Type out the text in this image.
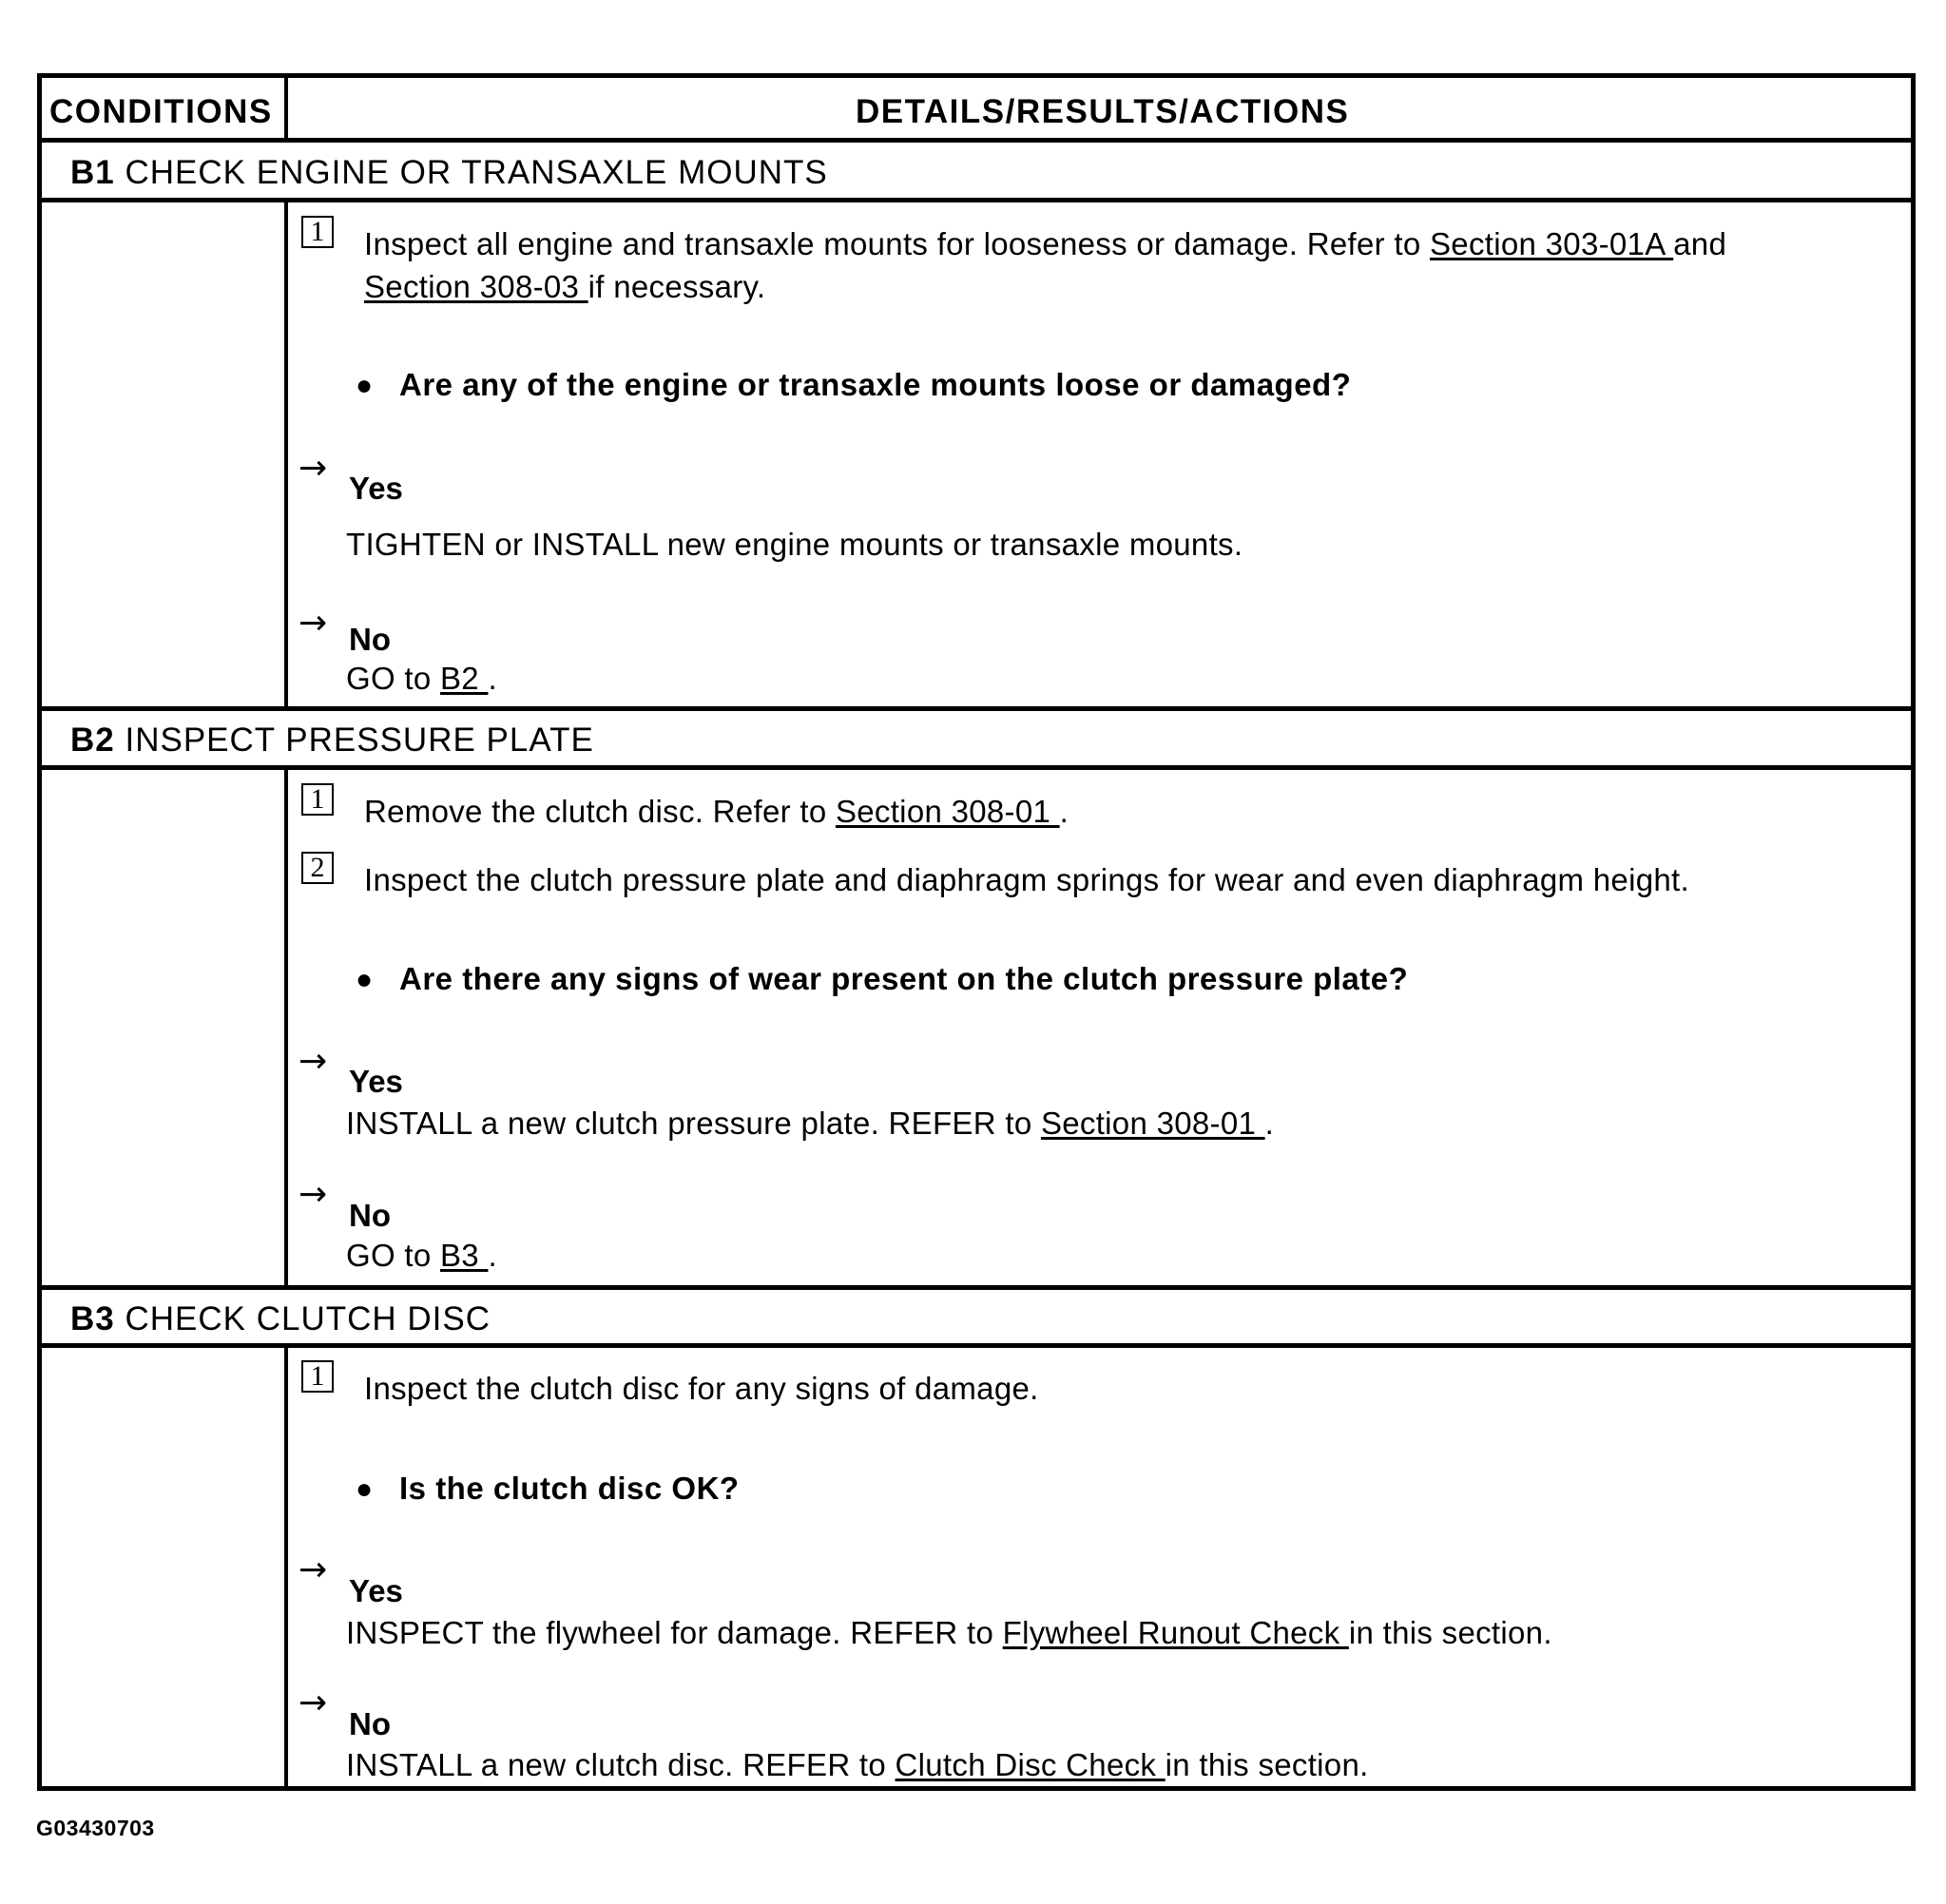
CONDITIONS	DETAILS/RESULTS/ACTIONS
B1 CHECK ENGINE OR TRANSAXLE MOUNTS
1 Inspect all engine and transaxle mounts for looseness or damage. Refer to Section 303-01A and
Section 308-03 if necessary.
● Are any of the engine or transaxle mounts loose or damaged?
→
Yes
TIGHTEN or INSTALL new engine mounts or transaxle mounts.
→ No
GO to B2 .
B2 INSPECT PRESSURE PLATE
1 Remove the clutch disc. Refer to Section 308-01 .
2 Inspect the clutch pressure plate and diaphragm springs for wear and even diaphragm height.
● Are there any signs of wear present on the clutch pressure plate?
→
Yes
INSTALL a new clutch pressure plate. REFER to Section 308-01 .
→
No
GO to B3 .
B3 CHECK CLUTCH DISC
1 Inspect the clutch disc for any signs of damage.
● Is the clutch disc OK?
→
Yes
INSPECT the flywheel for damage. REFER to Flywheel Runout Check in this section.
→
No
INSTALL a new clutch disc. REFER to Clutch Disc Check in this section.
G03430703
